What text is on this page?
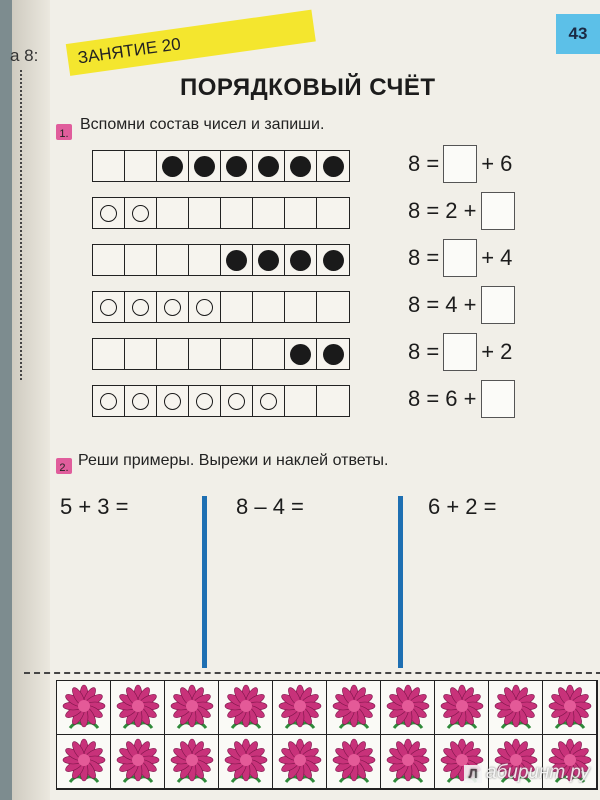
а 8:
43
ЗАНЯТИЕ 20
ПОРЯДКОВЫЙ СЧЁТ
1.
Вспомни состав чисел и запиши.
2. Реши примеры. Вырежи и наклей ответы.
5 + 3 =	8 – 4 =	6 + 2 =
Л абиринт.ру
8 = + 6
8 = 2 +
8 = + 4
8 = 4 +
8 = + 2
8 = 6 +
